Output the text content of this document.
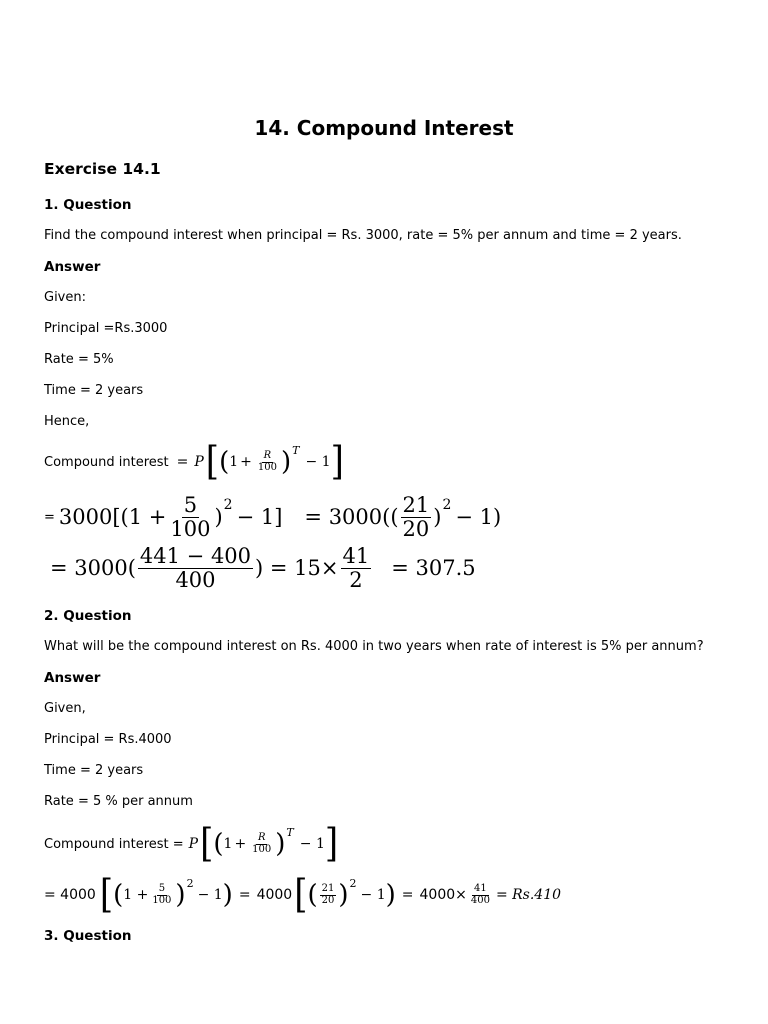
14. Compound Interest
Exercise 14.1
1. Question
Find the compound interest when principal = Rs. 3000, rate = 5% per annum and time = 2 years.
Answer
Given:
Principal =Rs.3000
Rate = 5%
Time = 2 years
Hence,
Compound interest = P [ ( $1 + \frac{R}{100}$ ) T
− 1 ]
= $3000[(1 + \frac{5}{100}$ ) $2 - 1] = 3000(( \frac{21}{20}$ ) 2 − 1)
= $3000( \frac{441 - 400}{400}$ ) = $15\times \frac{41}{2} = 307.5$
2. Question
What will be the compound interest on Rs. 4000 in two years when rate of interest is 5% per annum?
Answer
Given,
Principal = Rs.4000
Time = 2 years
Rate = 5 % per annum
Compound interest = P [ ( $1 + \frac{R}{100}$ ) T
− 1 ]
= 4000 [ ( $1 + \frac{5}{100}$ ) 2
− 1 ) = 4000 [ ( $\frac{21}{20}$ ) 2
− 1 ) = $4000\times \frac{41}{400} = Rs.410$
3. Question
